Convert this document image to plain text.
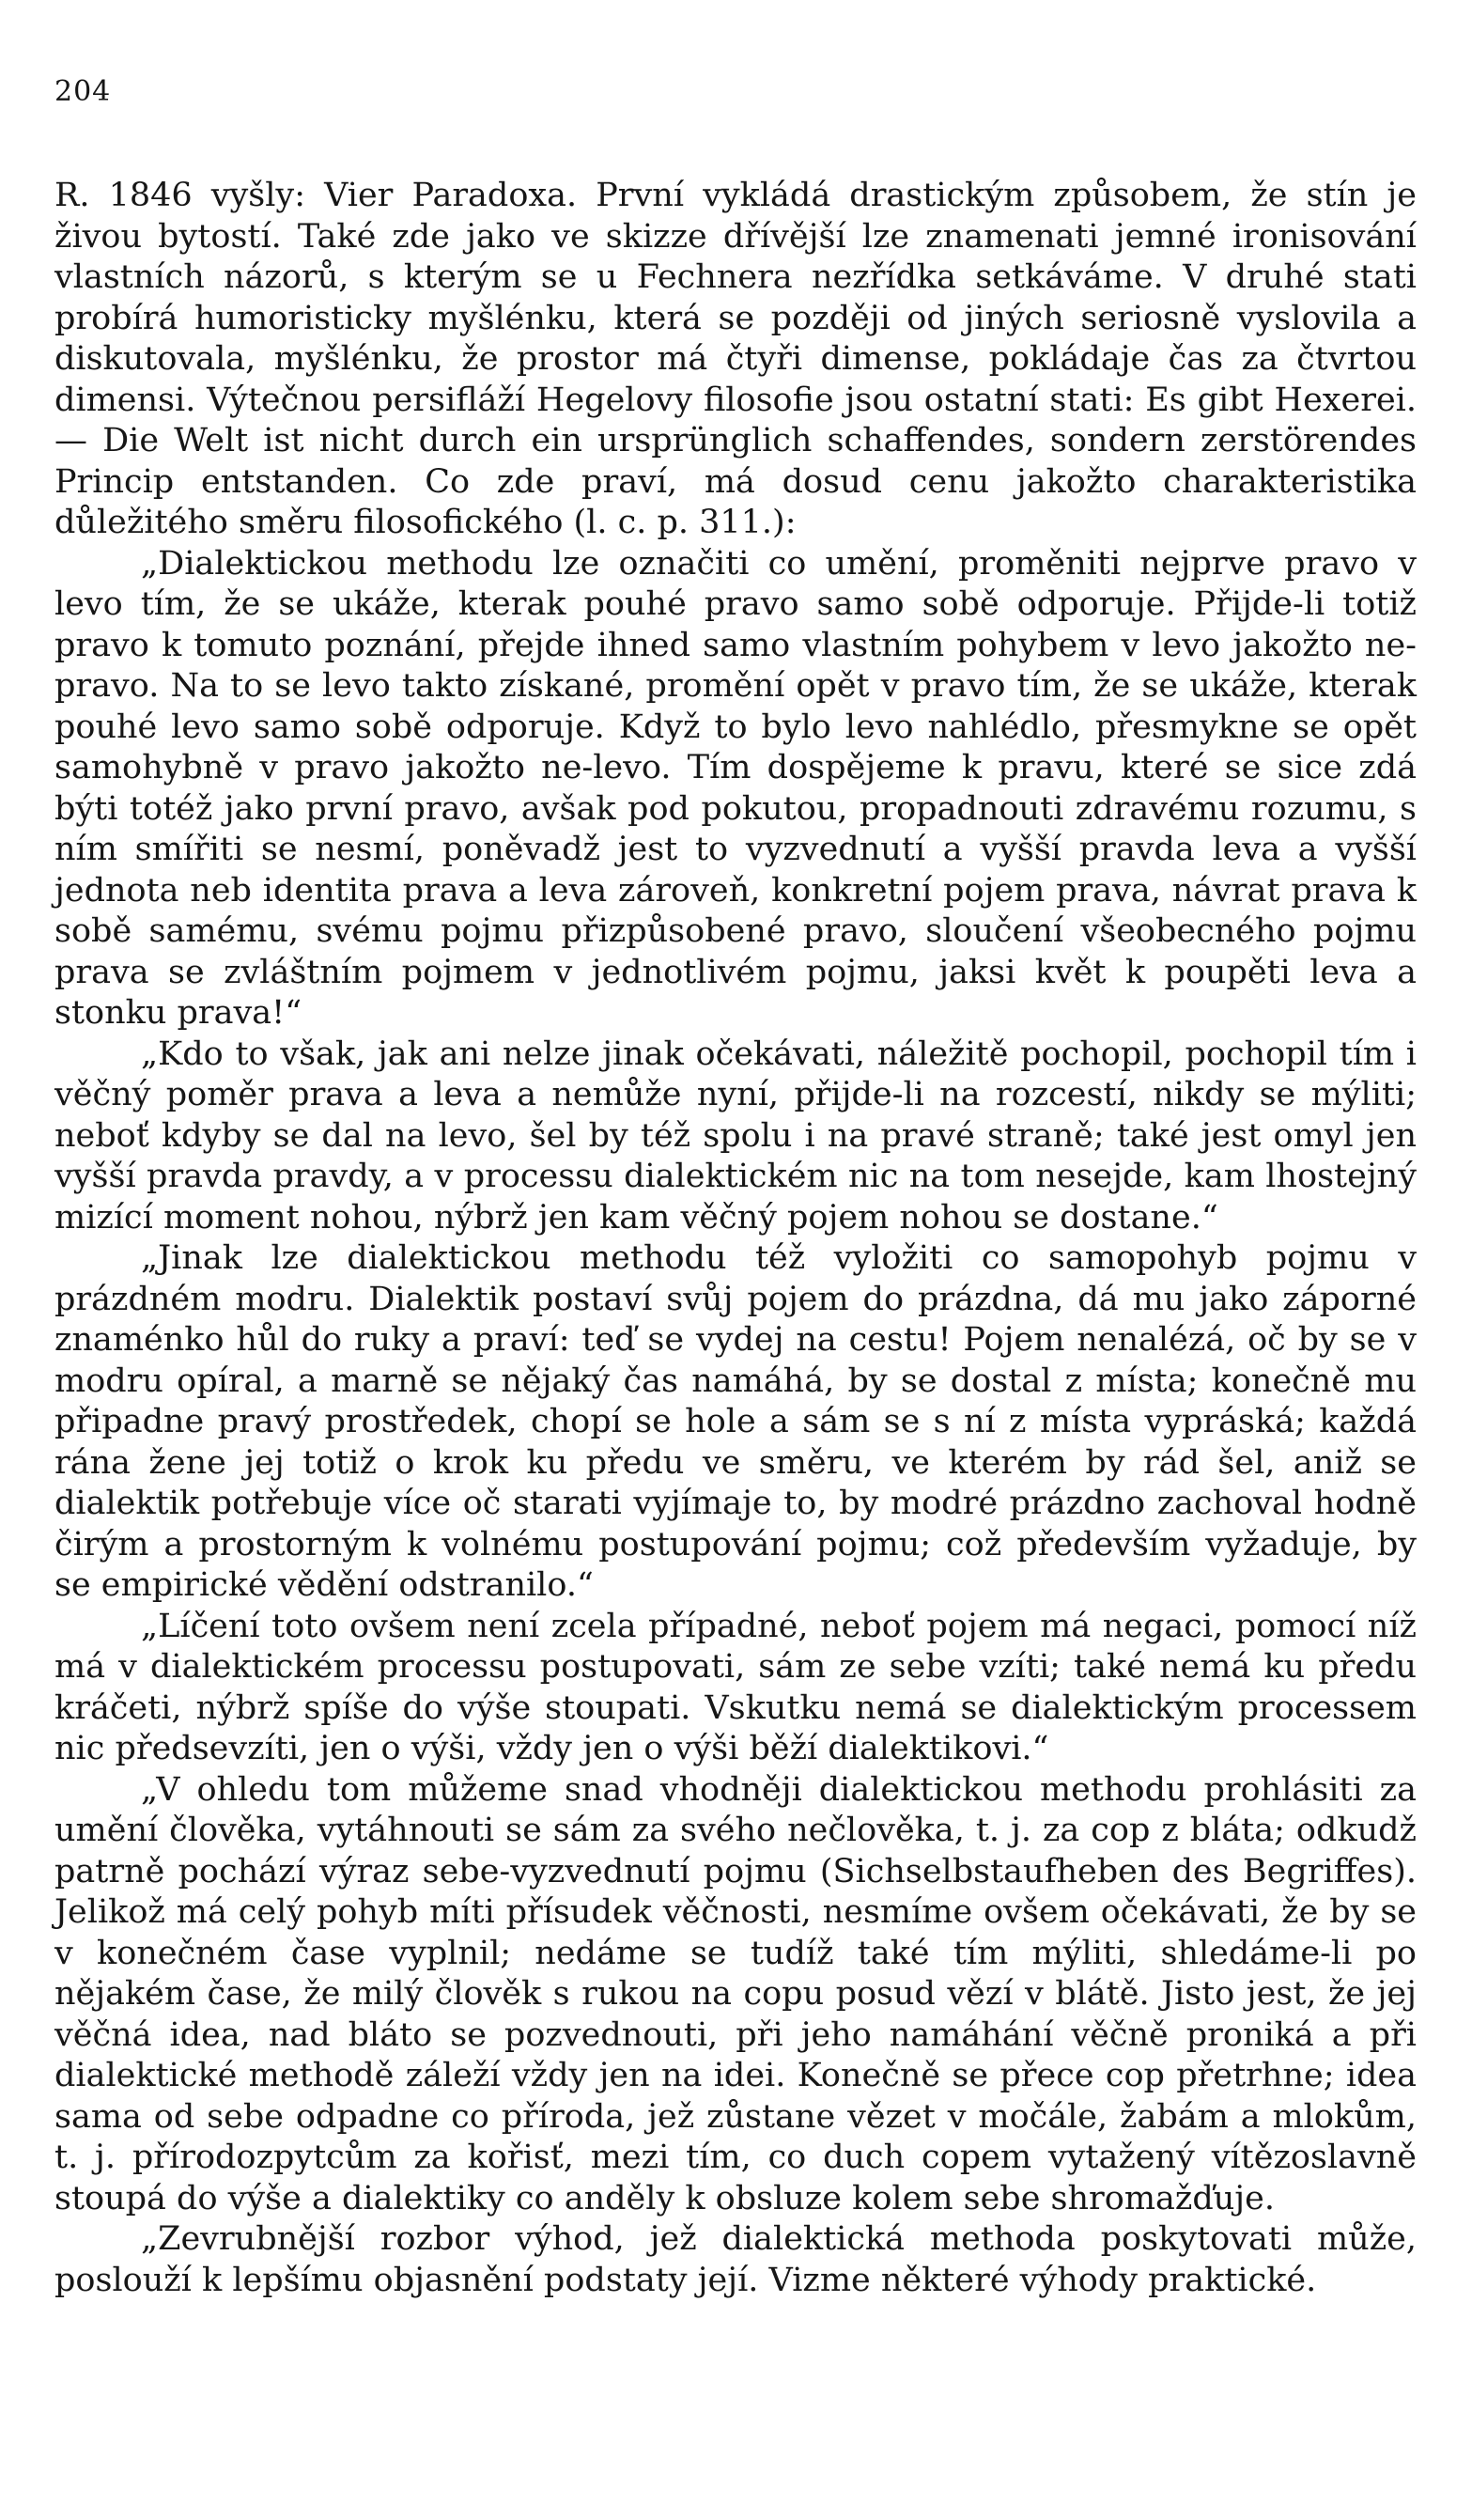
204

R. 1846 vyšly: Vier Paradoxa. První vykládá drastickým způsobem, že stín je živou bytostí. Také zde jako ve skizze dřívější lze znamenati jemné ironisování vlastních názorů, s kterým se u Fechnera nezřídka setkáváme. V druhé stati probírá humoristicky myšlénku, která se později od jiných seriosně vyslovila a diskutovala, myšlénku, že prostor má čtyři dimense, pokládaje čas za čtvrtou dimensi. Výtečnou persifláží Hegelovy filosofie jsou ostatní stati: Es gibt Hexerei. — Die Welt ist nicht durch ein ursprünglich schaffendes, sondern zerstörendes Princip entstanden. Co zde praví, má dosud cenu jakožto charakteristika důležitého směru filosofického (l. c. p. 311.):

„Dialektickou methodu lze označiti co umění, proměniti nejprve pravo v levo tím, že se ukáže, kterak pouhé pravo samo sobě odporuje. Přijde-li totiž pravo k tomuto poznání, přejde ihned samo vlastním pohybem v levo jakožto ne-pravo. Na to se levo takto získané, promění opět v pravo tím, že se ukáže, kterak pouhé levo samo sobě odporuje. Když to bylo levo nahlédlo, přesmykne se opět samohybně v pravo jakožto ne-levo. Tím dospějeme k pravu, které se sice zdá býti totéž jako první pravo, avšak pod pokutou, propadnouti zdravému rozumu, s ním smířiti se nesmí, poněvadž jest to vyzvednutí a vyšší pravda leva a vyšší jednota neb identita prava a leva zároveň, konkretní pojem prava, návrat prava k sobě samému, svému pojmu přizpůsobené pravo, sloučení všeobecného pojmu prava se zvláštním pojmem v jednotlivém pojmu, jaksi květ k poupěti leva a stonku prava!“

„Kdo to však, jak ani nelze jinak očekávati, náležitě pochopil, pochopil tím i věčný poměr prava a leva a nemůže nyní, přijde-li na rozcestí, nikdy se mýliti; neboť kdyby se dal na levo, šel by též spolu i na pravé straně; také jest omyl jen vyšší pravda pravdy, a v processu dialektickém nic na tom nesejde, kam lhostejný mizící moment nohou, nýbrž jen kam věčný pojem nohou se dostane.“

„Jinak lze dialektickou methodu též vyložiti co samopohyb pojmu v prázdném modru. Dialektik postaví svůj pojem do prázdna, dá mu jako záporné znaménko hůl do ruky a praví: teď se vydej na cestu! Pojem nenalézá, oč by se v modru opíral, a marně se nějaký čas namáhá, by se dostal z místa; konečně mu připadne pravý prostředek, chopí se hole a sám se s ní z místa vypráská; každá rána žene jej totiž o krok ku předu ve směru, ve kterém by rád šel, aniž se dialektik potřebuje více oč starati vyjímaje to, by modré prázdno zachoval hodně čirým a prostorným k volnému postupování pojmu; což především vyžaduje, by se empirické vědění odstranilo.“

„Líčení toto ovšem není zcela případné, neboť pojem má negaci, pomocí níž má v dialektickém processu postupovati, sám ze sebe vzíti; také nemá ku předu kráčeti, nýbrž spíše do výše stoupati. Vskutku nemá se dialektickým processem nic předsevzíti, jen o výši, vždy jen o výši běží dialektikovi.“

„V ohledu tom můžeme snad vhodněji dialektickou methodu prohlásiti za umění člověka, vytáhnouti se sám za svého nečlověka, t. j. za cop z bláta; odkudž patrně pochází výraz sebe-vyzvednutí pojmu (Sichselbstaufheben des Begriffes). Jelikož má celý pohyb míti přísudek věčnosti, nesmíme ovšem očekávati, že by se v konečném čase vyplnil; nedáme se tudíž také tím mýliti, shledáme-li po nějakém čase, že milý člověk s rukou na copu posud vězí v blátě. Jisto jest, že jej věčná idea, nad bláto se pozvednouti, při jeho namáhání věčně proniká a při dialektické methodě záleží vždy jen na idei. Konečně se přece cop přetrhne; idea sama od sebe odpadne co příroda, jež zůstane vězet v močále, žabám a mlokům, t. j. přírodozpytcům za kořisť, mezi tím, co duch copem vytažený vítězoslavně stoupá do výše a dialektiky co anděly k obsluze kolem sebe shromažďuje.

„Zevrubnější rozbor výhod, jež dialektická methoda poskytovati může, poslouží k lepšímu objasnění podstaty její. Vizme některé výhody praktické.
